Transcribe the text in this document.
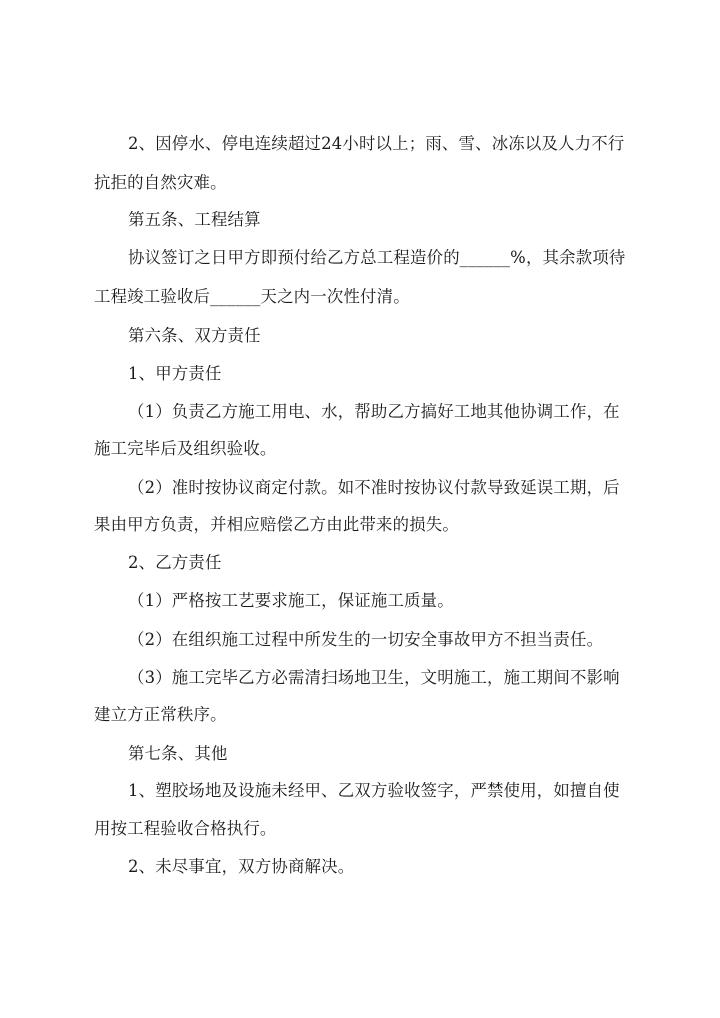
2、因停水、停电连续超过24小时以上；雨、雪、冰冻以及人力不行

抗拒的自然灾难。

第五条、工程结算

协议签订之日甲方即预付给乙方总工程造价的______%，其余款项待

工程竣工验收后______天之内一次性付清。

第六条、双方责任

1、甲方责任

（1）负责乙方施工用电、水，帮助乙方搞好工地其他协调工作，在

施工完毕后及组织验收。

（2）准时按协议商定付款。如不准时按协议付款导致延误工期，后

果由甲方负责，并相应赔偿乙方由此带来的损失。

2、乙方责任

（1）严格按工艺要求施工，保证施工质量。

（2）在组织施工过程中所发生的一切安全事故甲方不担当责任。

（3）施工完毕乙方必需清扫场地卫生，文明施工，施工期间不影响

建立方正常秩序。

第七条、其他

1、塑胶场地及设施未经甲、乙双方验收签字，严禁使用，如擅自使

用按工程验收合格执行。

2、未尽事宜，双方协商解决。
